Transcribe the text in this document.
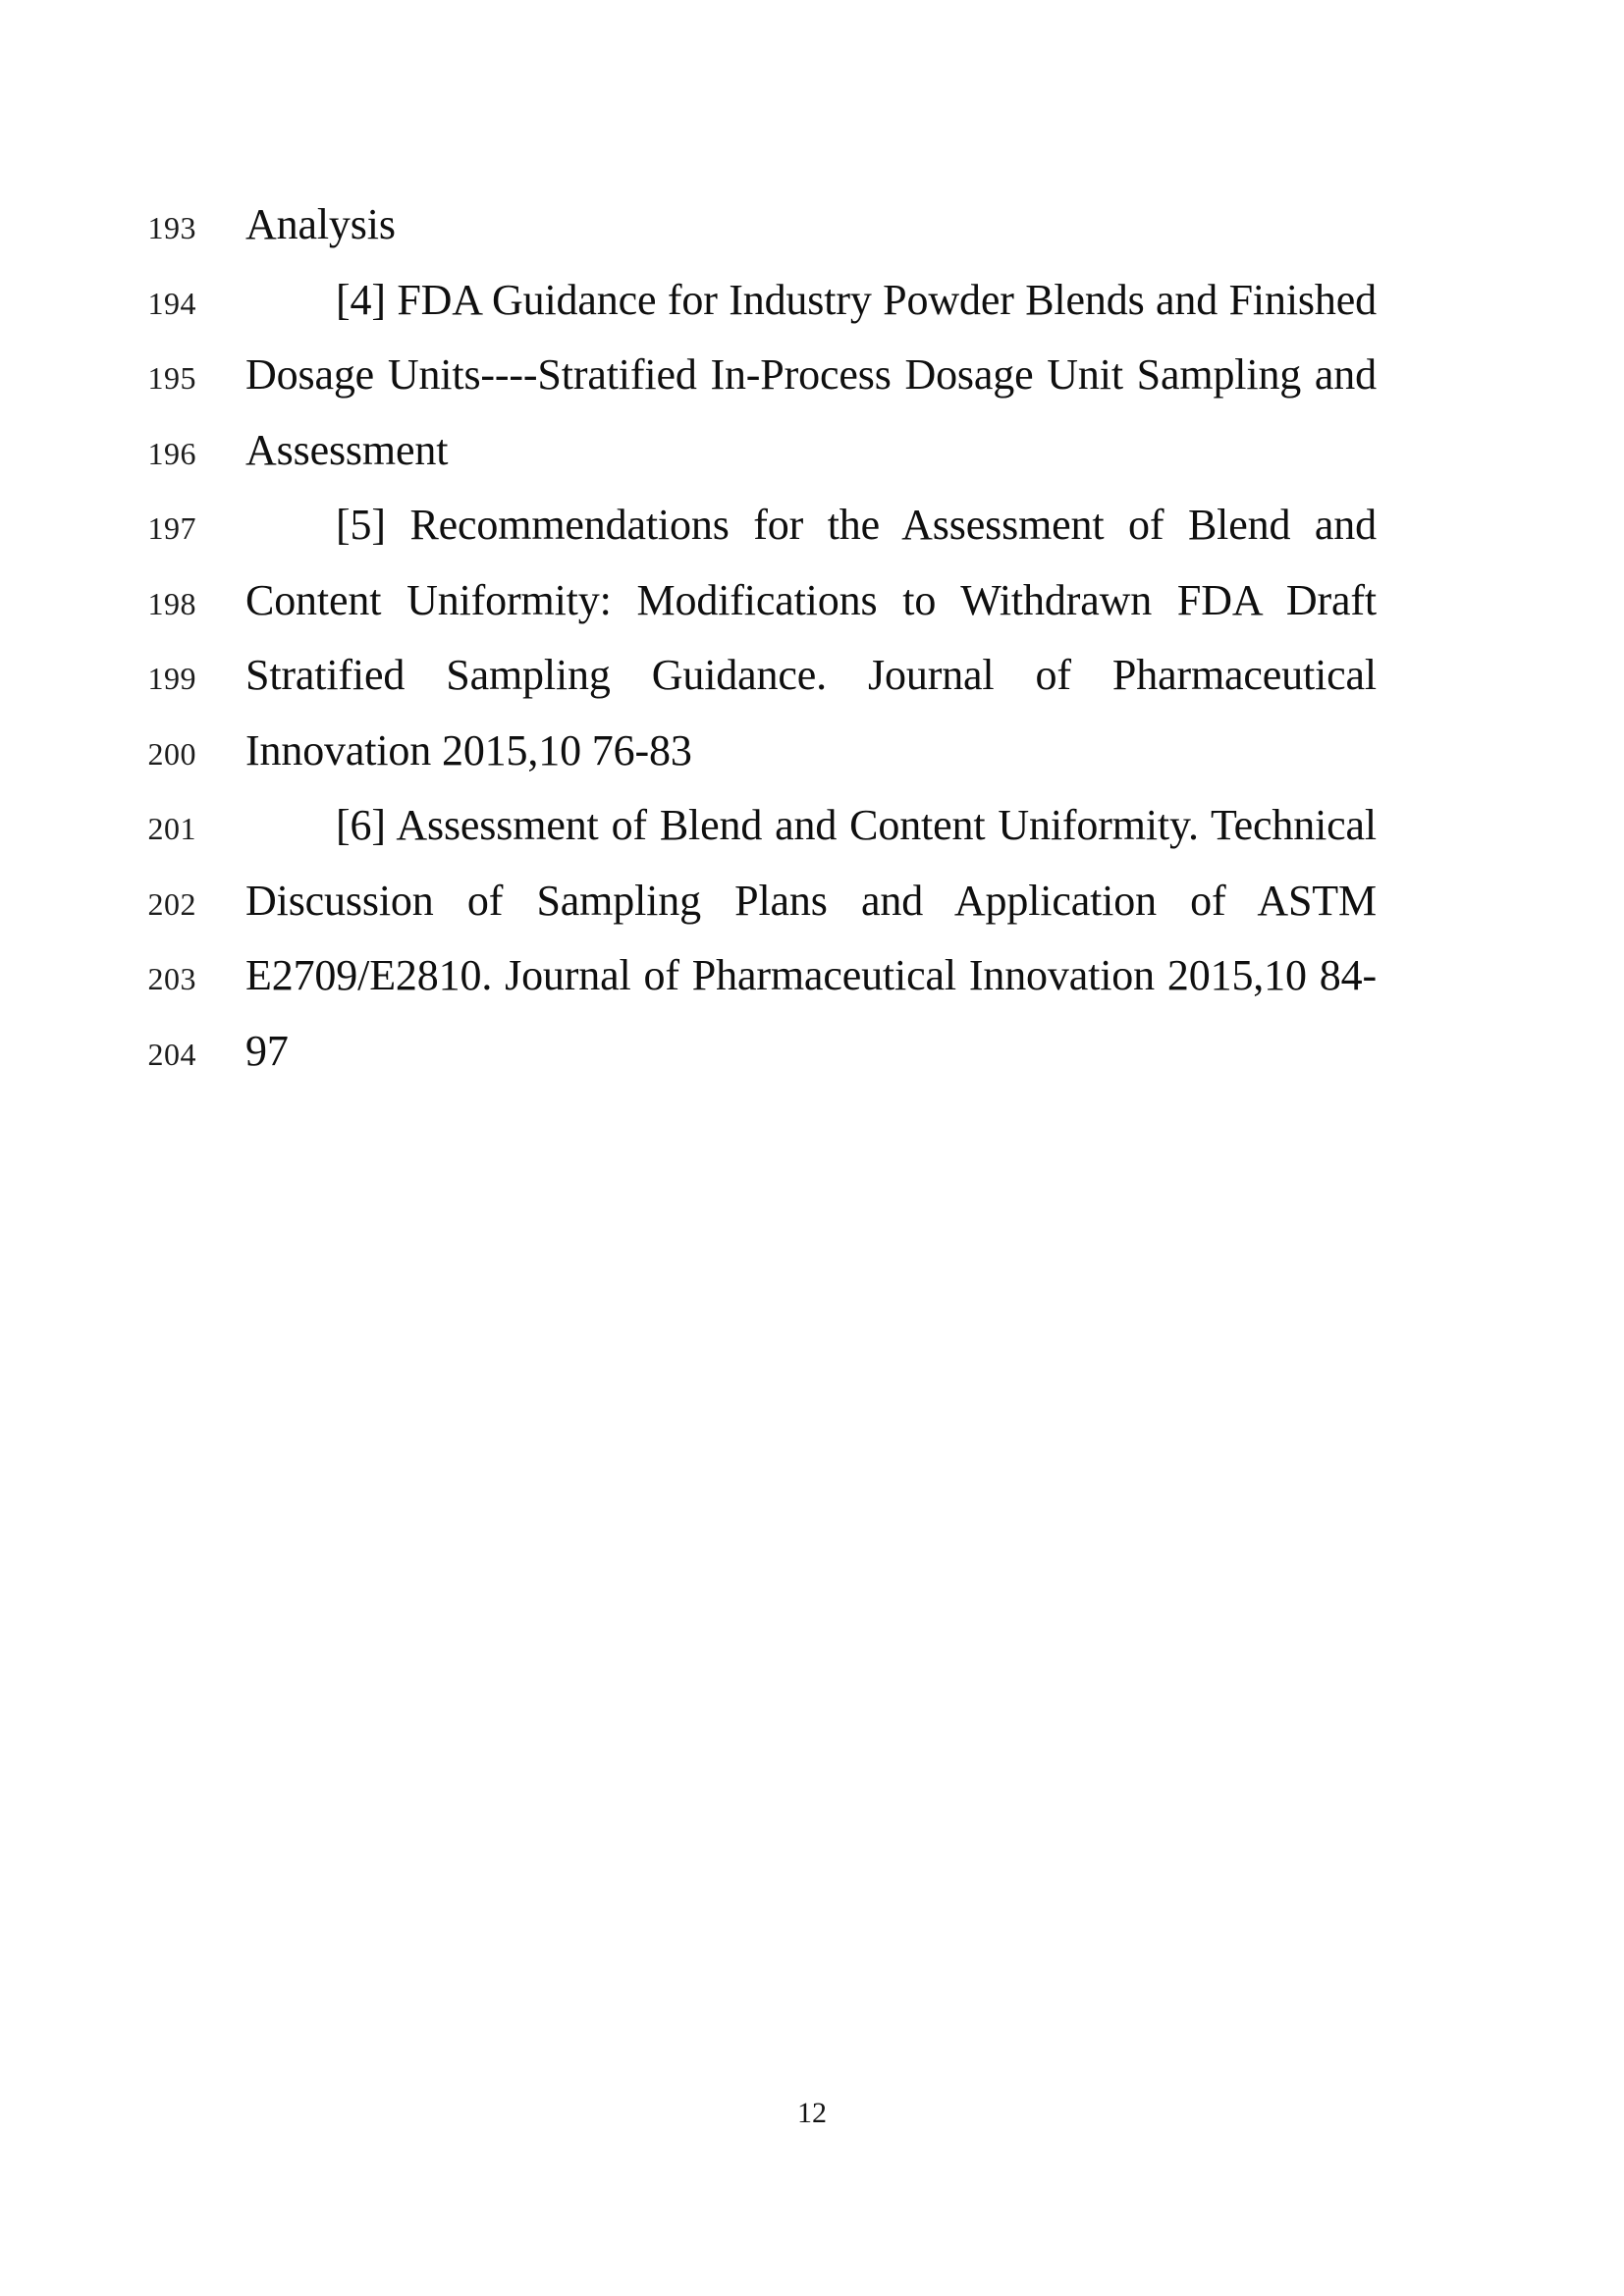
193 Analysis
194	[4] FDA Guidance for Industry Powder Blends and Finished
195 Dosage Units----Stratified In-Process Dosage Unit Sampling and
196 Assessment
197	[5] Recommendations for the Assessment of Blend and
198 Content Uniformity: Modifications to Withdrawn FDA Draft
199 Stratified Sampling Guidance. Journal of Pharmaceutical
200 Innovation 2015,10 76-83
201	[6] Assessment of Blend and Content Uniformity. Technical
202 Discussion of Sampling Plans and Application of ASTM
203 E2709/E2810. Journal of Pharmaceutical Innovation 2015,10 84-
204 97
12
